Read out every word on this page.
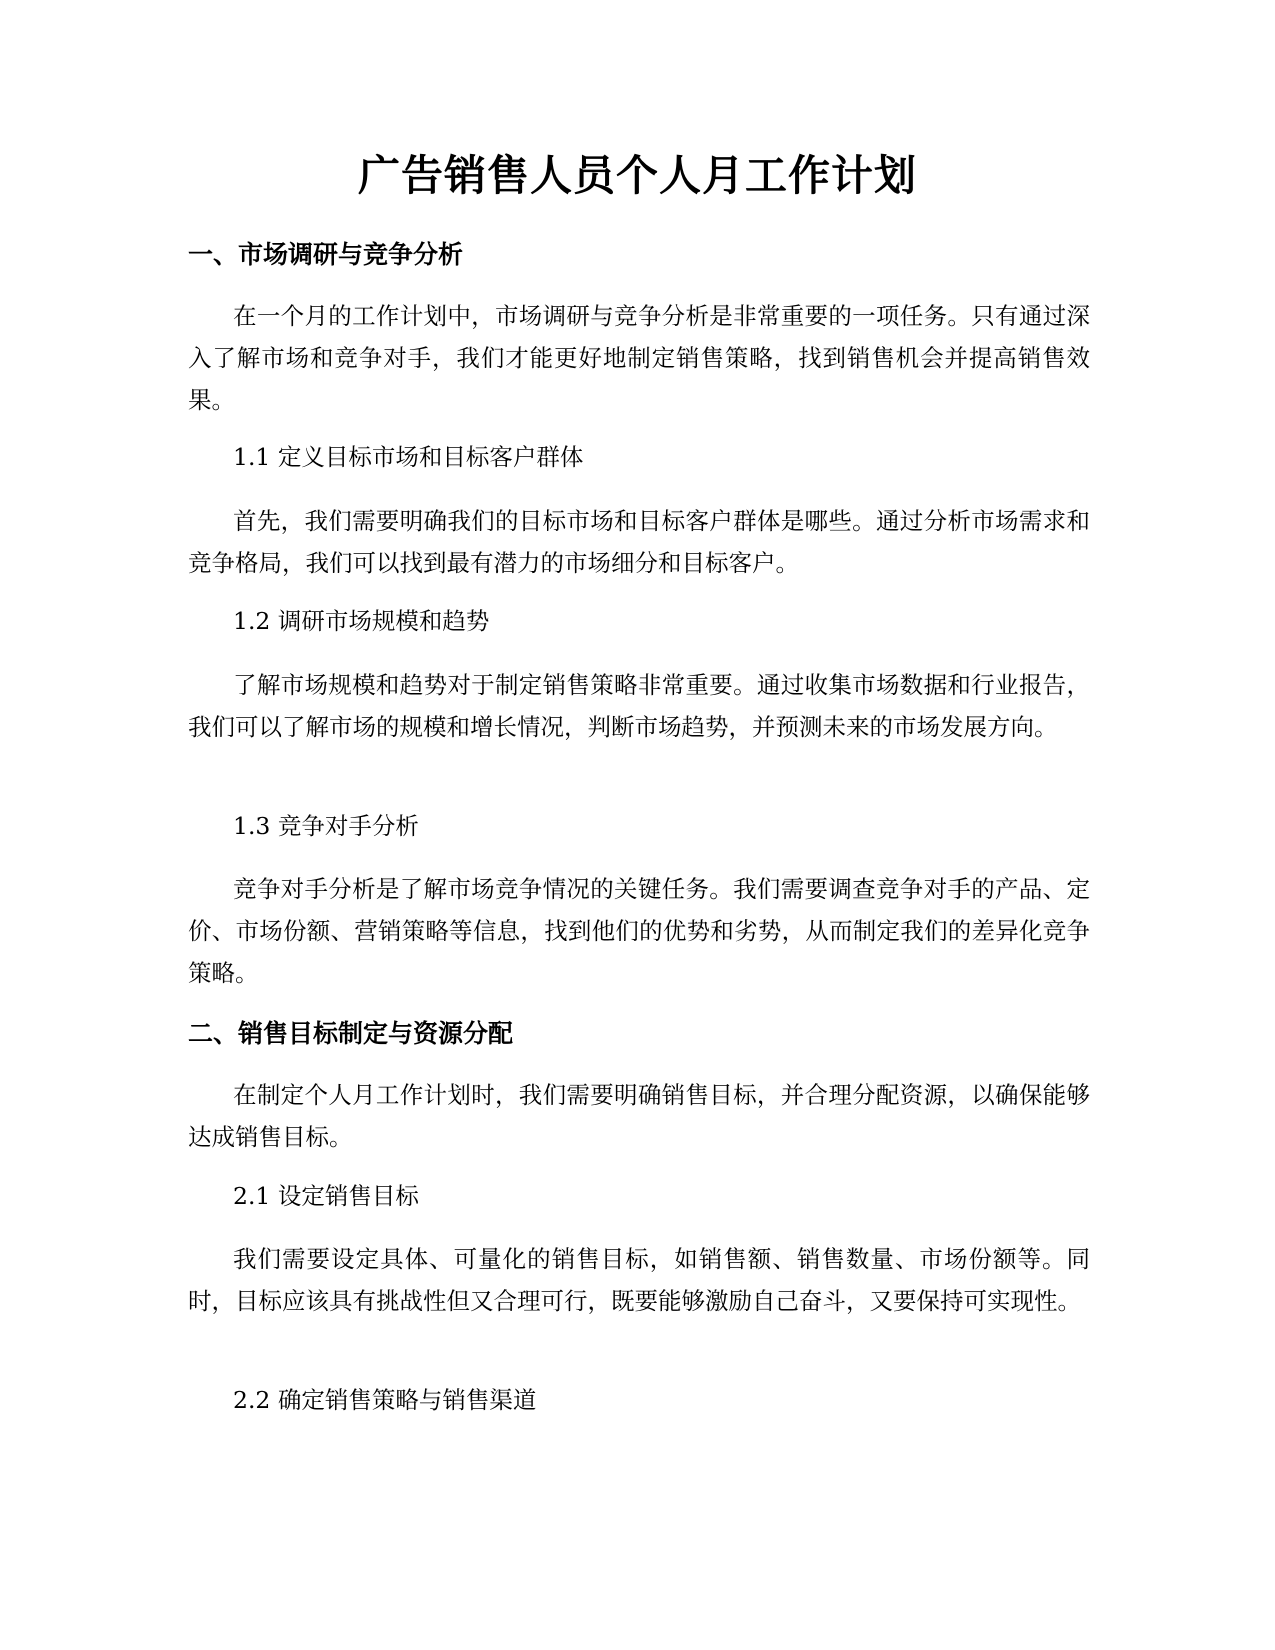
广告销售人员个人月工作计划
一、市场调研与竞争分析
在一个月的工作计划中，市场调研与竞争分析是非常重要的一项任务。只有通过深入了解市场和竞争对手，我们才能更好地制定销售策略，找到销售机会并提高销售效果。
1.1 定义目标市场和目标客户群体
首先，我们需要明确我们的目标市场和目标客户群体是哪些。通过分析市场需求和竞争格局，我们可以找到最有潜力的市场细分和目标客户。
1.2 调研市场规模和趋势
了解市场规模和趋势对于制定销售策略非常重要。通过收集市场数据和行业报告，我们可以了解市场的规模和增长情况，判断市场趋势，并预测未来的市场发展方向。
1.3 竞争对手分析
竞争对手分析是了解市场竞争情况的关键任务。我们需要调查竞争对手的产品、定价、市场份额、营销策略等信息，找到他们的优势和劣势，从而制定我们的差异化竞争策略。
二、销售目标制定与资源分配
在制定个人月工作计划时，我们需要明确销售目标，并合理分配资源，以确保能够达成销售目标。
2.1 设定销售目标
我们需要设定具体、可量化的销售目标，如销售额、销售数量、市场份额等。同时，目标应该具有挑战性但又合理可行，既要能够激励自己奋斗，又要保持可实现性。
2.2 确定销售策略与销售渠道
